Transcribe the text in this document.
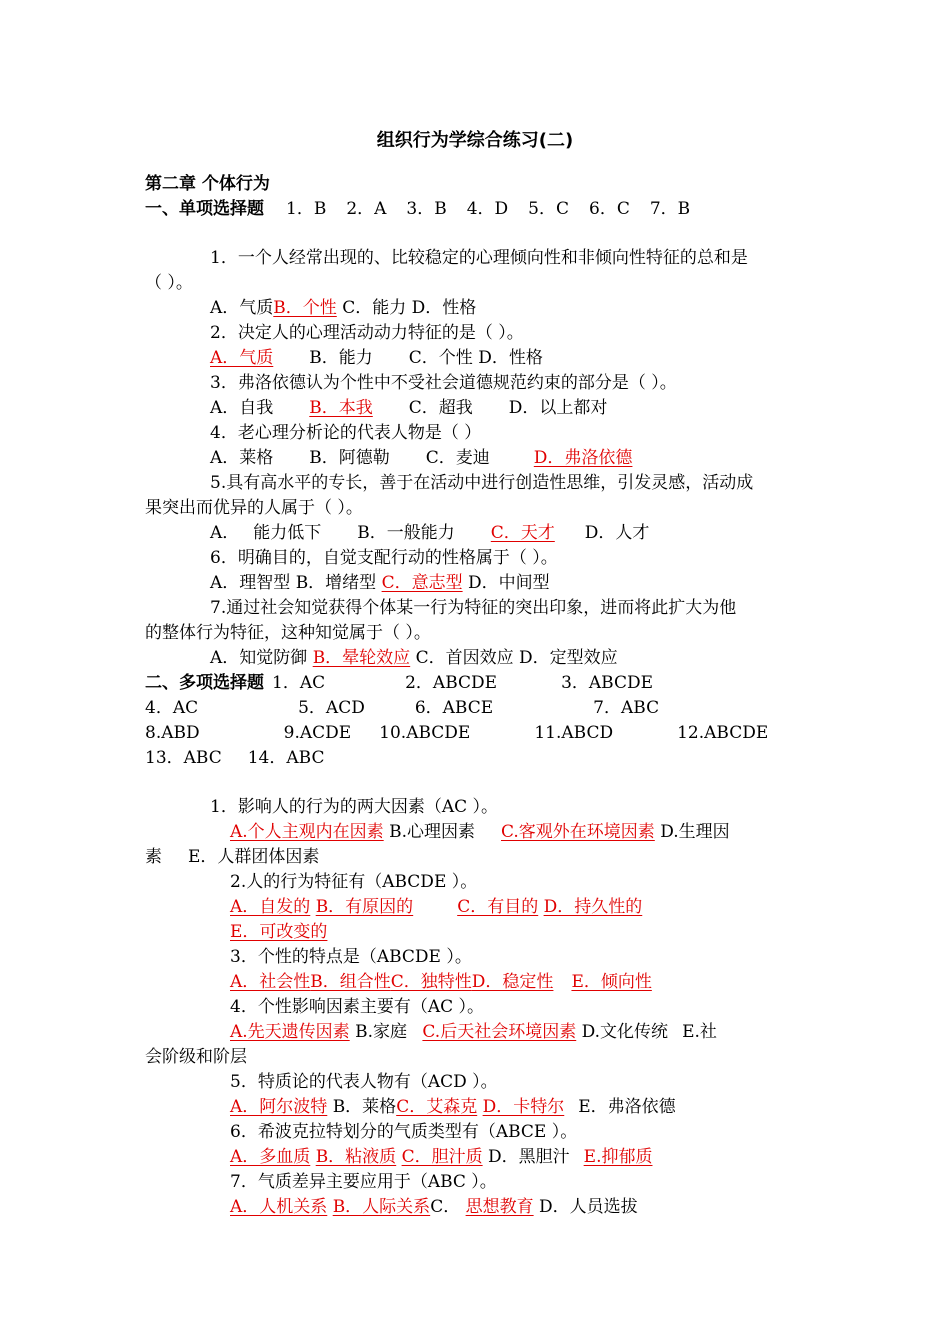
组织行为学综合练习(二)
第二章 个体行为
一、单项选择题 1．B 2．A 3．B 4．D 5．C 6．C 7．B
1．一个人经常出现的、比较稳定的心理倾向性和非倾向性特征的总和是
（ ）。
A．气质B．个性 C．能力 D．性格
2．决定人的心理活动动力特征的是（ ）。
A．气质 B．能力 C．个性 D．性格
3．弗洛依德认为个性中不受社会道德规范约束的部分是（ ）。
A．自我 B．本我 C．超我 D．以上都对
4．老心理分析论的代表人物是（ ）
A．莱格 B．阿德勒 C．麦迪	D．弗洛依德
5.具有高水平的专长，善于在活动中进行创造性思维，引发灵感，活动成
果突出而优异的人属于（ ）。
A． 能力低下 B．一般能力 C．天才 D．人才
6．明确目的，自觉支配行动的性格属于（ ）。
A．理智型 B．增绪型 C．意志型 D．中间型
7.通过社会知觉获得个体某一行为特征的突出印象，进而将此扩大为他
的整体行为特征，这种知觉属于（ ）。
A．知觉防御 B．晕轮效应 C．首因效应 D．定型效应
二、多项选择题 1．AC	2．ABCDE	3．ABCDE
4．AC	5．ACD	6．ABCE	7．ABC
8.ABD	9.ACDE 10.ABCDE	11.ABCD	12.ABCDE
13．ABC 14．ABC
1．影响人的行为的两大因素（AC ）。
A.个人主观内在因素 B.心理因素 C.客观外在环境因素 D.生理因
素 E．人群团体因素
2.人的行为特征有（ABCDE ）。
A．自发的 B．有原因的	C．有目的 D．持久性的
E．可改变的
3．个性的特点是（ABCDE ）。
A．社会性B．组合性C．独特性D．稳定性 E．倾向性
4．个性影响因素主要有（AC ）。
A.先天遗传因素 B.家庭 C.后天社会环境因素 D.文化传统 E.社
会阶级和阶层
5．特质论的代表人物有（ACD ）。
A．阿尔波特 B．莱格C．艾森克 D．卡特尔 E．弗洛依德
6．希波克拉特划分的气质类型有（ABCE ）。
A．多血质 B．粘液质 C．胆汁质 D．黑胆汁 E.抑郁质
7．气质差异主要应用于（ABC ）。
A．人机关系 B．人际关系C． 思想教育 D．人员选拔
